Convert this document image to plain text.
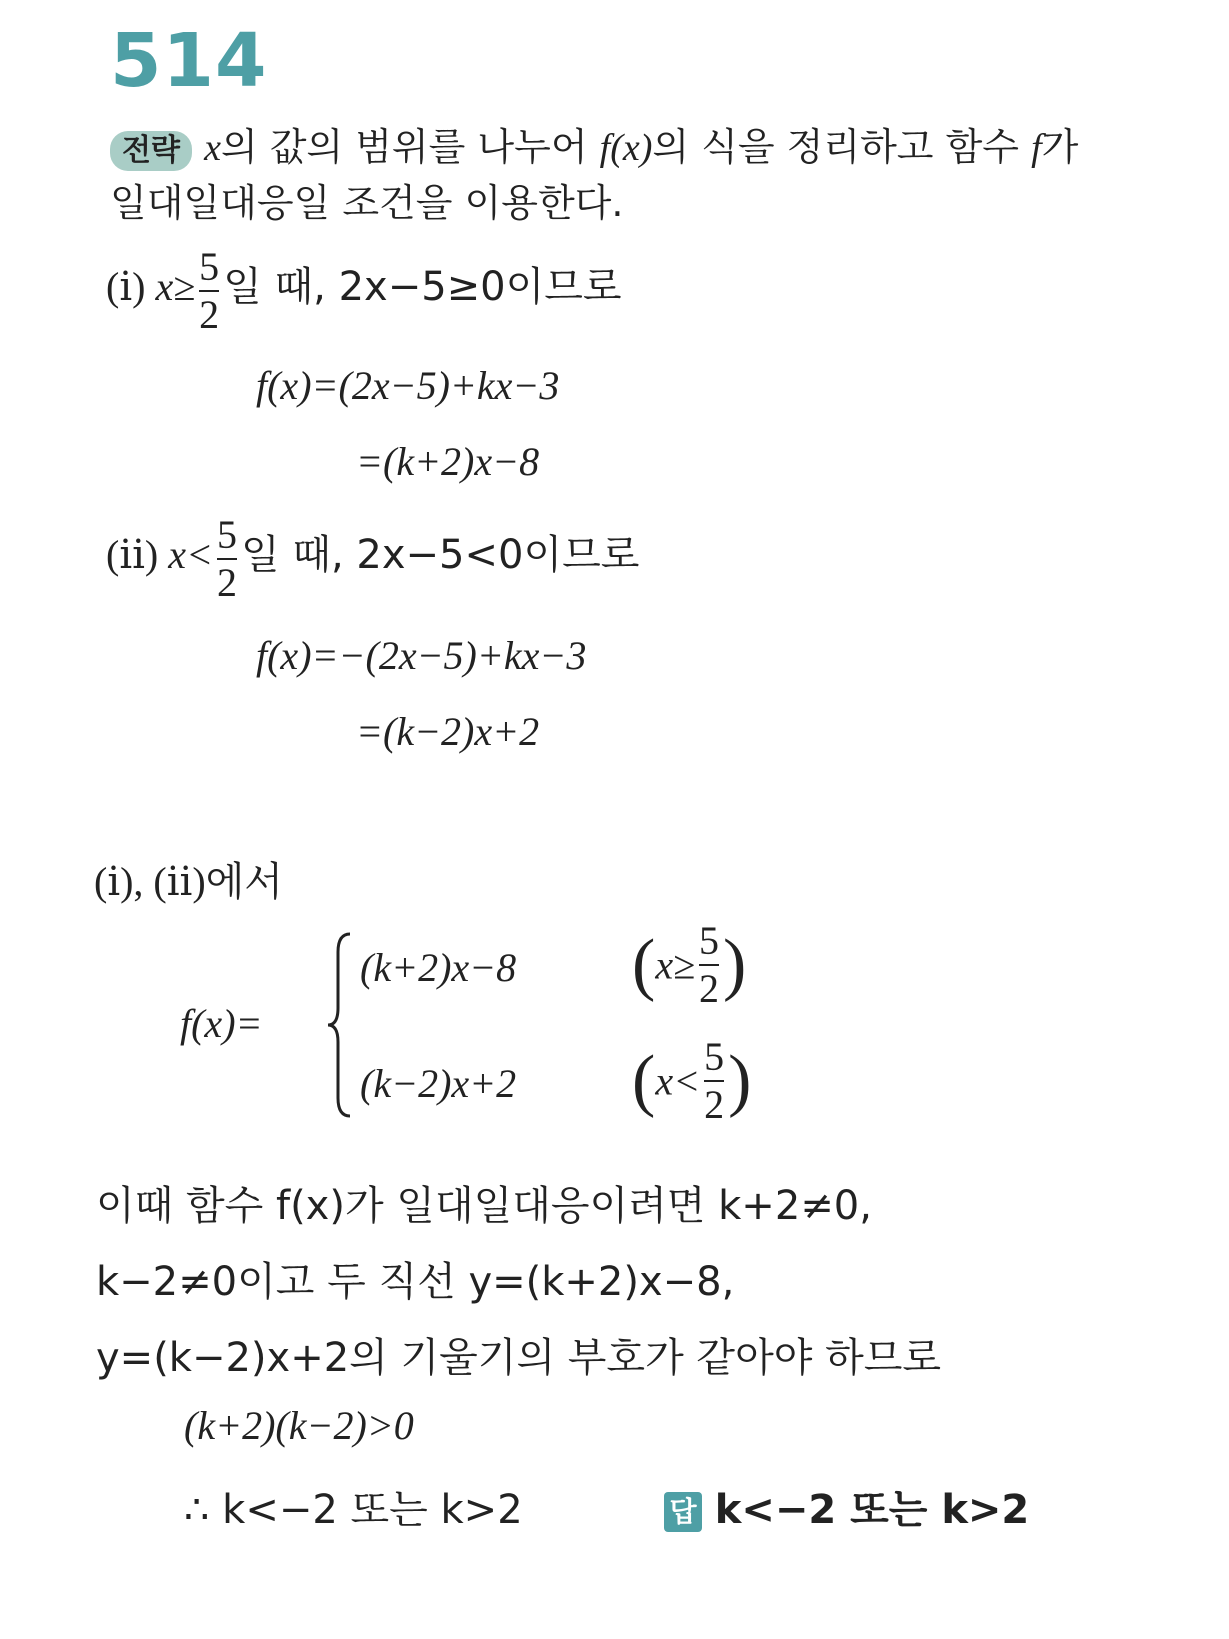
514
전략 x의 값의 범위를 나누어 f(x)의 식을 정리하고 함수 f가
일대일대응일 조건을 이용한다.
(ⅰ) $x\ge \frac{5}{2}$ 일 때, 2x−5≥0이므로
f(x)=(2x−5)+kx−3
=(k+2)x−8
(ⅱ) $x< \frac{5}{2}$ 일 때, 2x−5<0이므로
f(x)=−(2x−5)+kx−3
=(k−2)x+2
(ⅰ), (ⅱ)에서
f(x)=
(k+2)x−8 ($x\ge \frac{5}{2}$ )
(k−2)x+2 ($x< \frac{5}{2}$ )
이때 함수 f(x)가 일대일대응이려면 k+2≠0,
k−2≠0이고 두 직선 y=(k+2)x−8,
y=(k−2)x+2의 기울기의 부호가 같아야 하므로
(k+2)(k−2)>0
∴ k<−2 또는 k>2	답 k<−2 또는 k>2
